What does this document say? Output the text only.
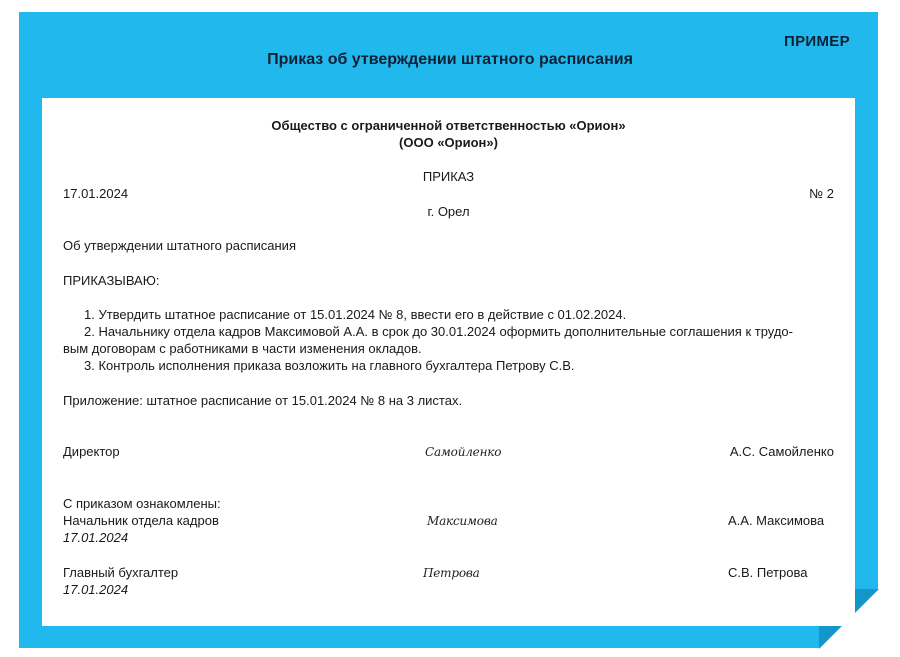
ПРИМЕР
Приказ об утверждении штатного расписания
Общество с ограниченной ответственностью «Орион»
(ООО «Орион»)
ПРИКАЗ
17.01.2024	№ 2
г. Орел
Об утверждении штатного расписания
ПРИКАЗЫВАЮ:
1. Утвердить штатное расписание от 15.01.2024 № 8, ввести его в действие с 01.02.2024.
2. Начальнику отдела кадров Максимовой А.А. в срок до 30.01.2024 оформить дополнительные соглашения к трудо-
вым договорам с работниками в части изменения окладов.
3. Контроль исполнения приказа возложить на главного бухгалтера Петрову С.В.
Приложение: штатное расписание от 15.01.2024 № 8 на 3 листах.
Директор	Самойленко	А.С. Самойленко
С приказом ознакомлены:
Начальник отдела кадров	Максимова	А.А. Максимова
17.01.2024
Главный бухгалтер	Петрова	С.В. Петрова
17.01.2024
